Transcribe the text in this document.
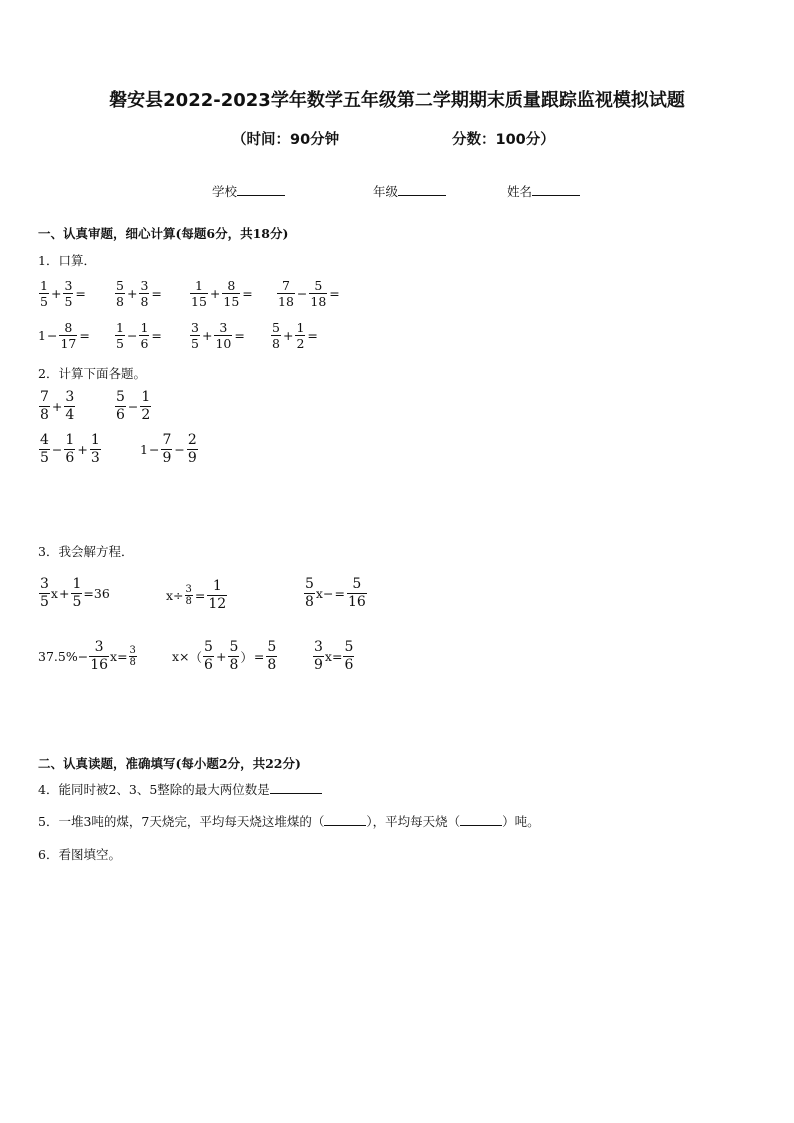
磐安县2022-2023学年数学五年级第二学期期末质量跟踪监视模拟试题
（时间：90分钟	分数：100分）
学校	年级	姓名
一、认真审题，细心计算(每题6分，共18分)
1．口算．
$\frac{1}{5} + \frac{3}{5} = \frac{5}{8} + \frac{3}{8} = \frac{1}{15} + \frac{8}{15} = \frac{7}{18} - \frac{5}{18}$ =
$1 - \frac{8}{17} = \frac{1}{5} - \frac{1}{6} = \frac{3}{5} + \frac{3}{10} = \frac{5}{8} + \frac{1}{2}$ =
2．计算下面各题。
$\frac{7}{8} + \frac{3}{4}$	$\frac{5}{6} - \frac{1}{2}$
$\frac{4}{5} - \frac{1}{6} + \frac{1}{3}$	$1 - \frac{7}{9} - \frac{2}{9}$
3．我会解方程．
$\frac{3}{5}$ $x + \frac{1}{5} =36$	$x\div \frac{3}{8} = \frac{1}{12}$	$\frac{5}{8} x- = \frac{5}{16}$
$37.5\%- \frac{3}{16} x= \frac{3}{8}$	x× （ $\frac{5}{6} + \frac{5}{8}$ ） = $\frac{5}{8}$	$\frac{3}{9} x= \frac{5}{6}$
二、认真读题，准确填写(每小题2分，共22分)
4．能同时被2、3、5整除的最大两位数是
5．一堆3吨的煤，7天烧完，平均每天烧这堆煤的（	），平均每天烧（	）吨。
6．看图填空。
